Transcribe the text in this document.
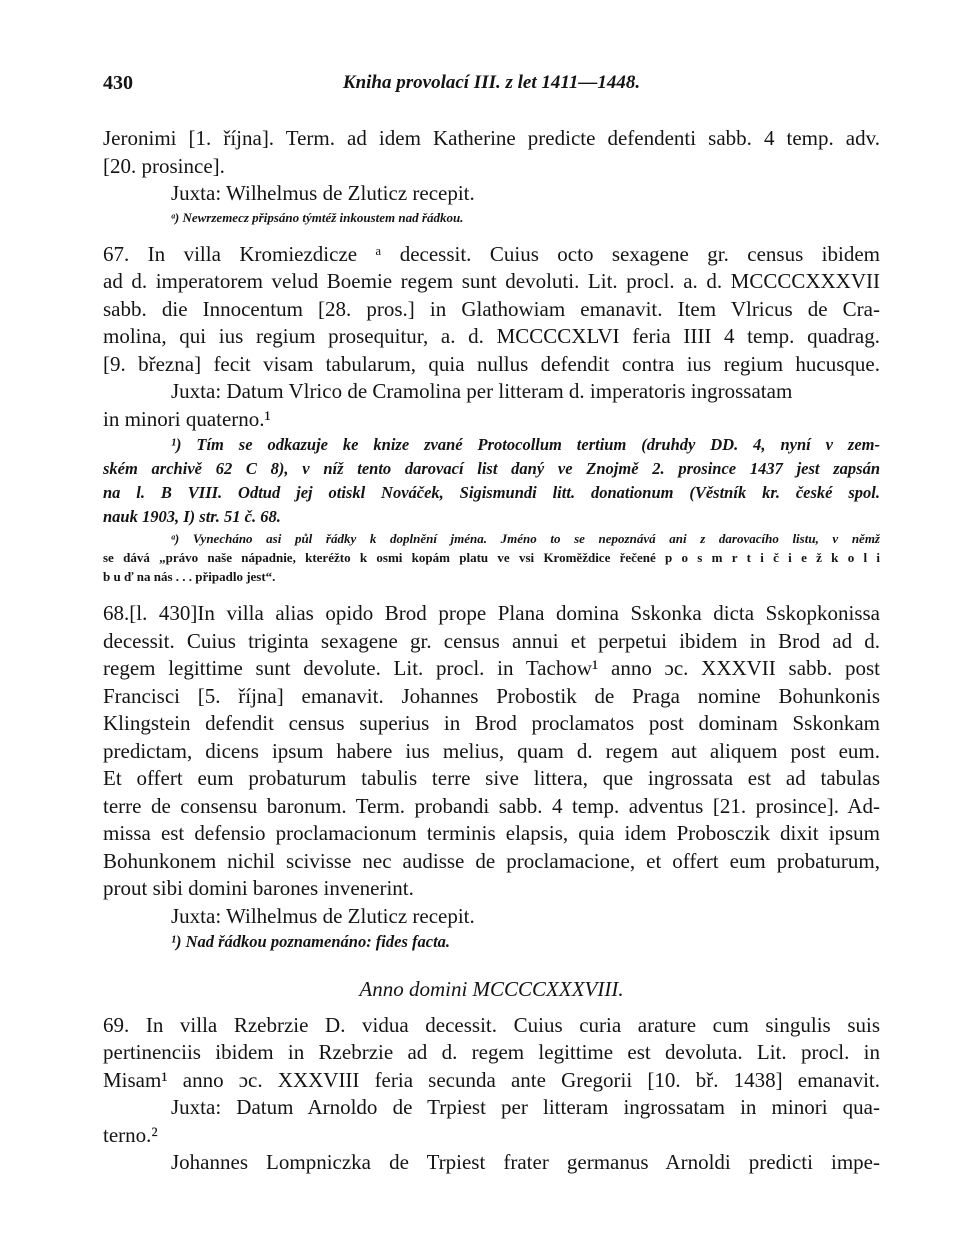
430	Kniha provolací III. z let 1411—1448.
Jeronimi [1. října]. Term. ad idem Katherine predicte defendenti sabb. 4 temp. adv.
[20. prosince].
Juxta: Wilhelmus de Zluticz recepit.
ᵃ) Newrzemecz připsáno týmtéž inkoustem nad řádkou.
67. In villa Kromiezdicze ᵃ decessit. Cuius octo sexagene gr. census ibidem
ad d. imperatorem velud Boemie regem sunt devoluti. Lit. procl. a. d. MCCCCXXXVII
sabb. die Innocentum [28. pros.] in Glathowiam emanavit. Item Vlricus de Cra-
molina, qui ius regium prosequitur, a. d. MCCCCXLVI feria IIII 4 temp. quadrag.
[9. března] fecit visam tabularum, quia nullus defendit contra ius regium hucusque.
Juxta: Datum Vlrico de Cramolina per litteram d. imperatoris ingrossatam
in minori quaterno.¹
¹) Tím se odkazuje ke knize zvané Protocollum tertium (druhdy DD. 4, nyní v zem-
ském archivě 62 C 8), v níž tento darovací list daný ve Znojmě 2. prosince 1437 jest zapsán
na l. B VIII. Odtud jej otiskl Nováček, Sigismundi litt. donationum (Věstník kr. české spol.
nauk 1903, I) str. 51 č. 68.
ᵃ) Vynecháno asi půl řádky k doplnění jména. Jméno to se nepoznává ani z darovacího listu, v němž
se dává „právo naše nápadnie, kteréžto k osmi kopám platu ve vsi Kroměždice řečené p o s m r t i č i e ž k o l i
b u ď na nás . . . připadlo jest“.
68.[l. 430]In villa alias opido Brod prope Plana domina Sskonka dicta Sskopkonissa
decessit. Cuius triginta sexagene gr. census annui et perpetui ibidem in Brod ad d.
regem legittime sunt devolute. Lit. procl. in Tachow¹ anno ɔc. XXXVII sabb. post
Francisci [5. října] emanavit. Johannes Probostik de Praga nomine Bohunkonis
Klingstein defendit census superius in Brod proclamatos post dominam Sskonkam
predictam, dicens ipsum habere ius melius, quam d. regem aut aliquem post eum.
Et offert eum probaturum tabulis terre sive littera, que ingrossata est ad tabulas
terre de consensu baronum. Term. probandi sabb. 4 temp. adventus [21. prosince]. Ad-
missa est defensio proclamacionum terminis elapsis, quia idem Probosczik dixit ipsum
Bohunkonem nichil scivisse nec audisse de proclamacione, et offert eum probaturum,
prout sibi domini barones invenerint.
Juxta: Wilhelmus de Zluticz recepit.
¹) Nad řádkou poznamenáno: fides facta.
Anno domini MCCCCXXXVIII.
69. In villa Rzebrzie D. vidua decessit. Cuius curia arature cum singulis suis
pertinenciis ibidem in Rzebrzie ad d. regem legittime est devoluta. Lit. procl. in
Misam¹ anno ɔc. XXXVIII feria secunda ante Gregorii [10. bř. 1438] emanavit.
Juxta: Datum Arnoldo de Trpiest per litteram ingrossatam in minori qua-
terno.²
Johannes Lompniczka de Trpiest frater germanus Arnoldi predicti impe-
